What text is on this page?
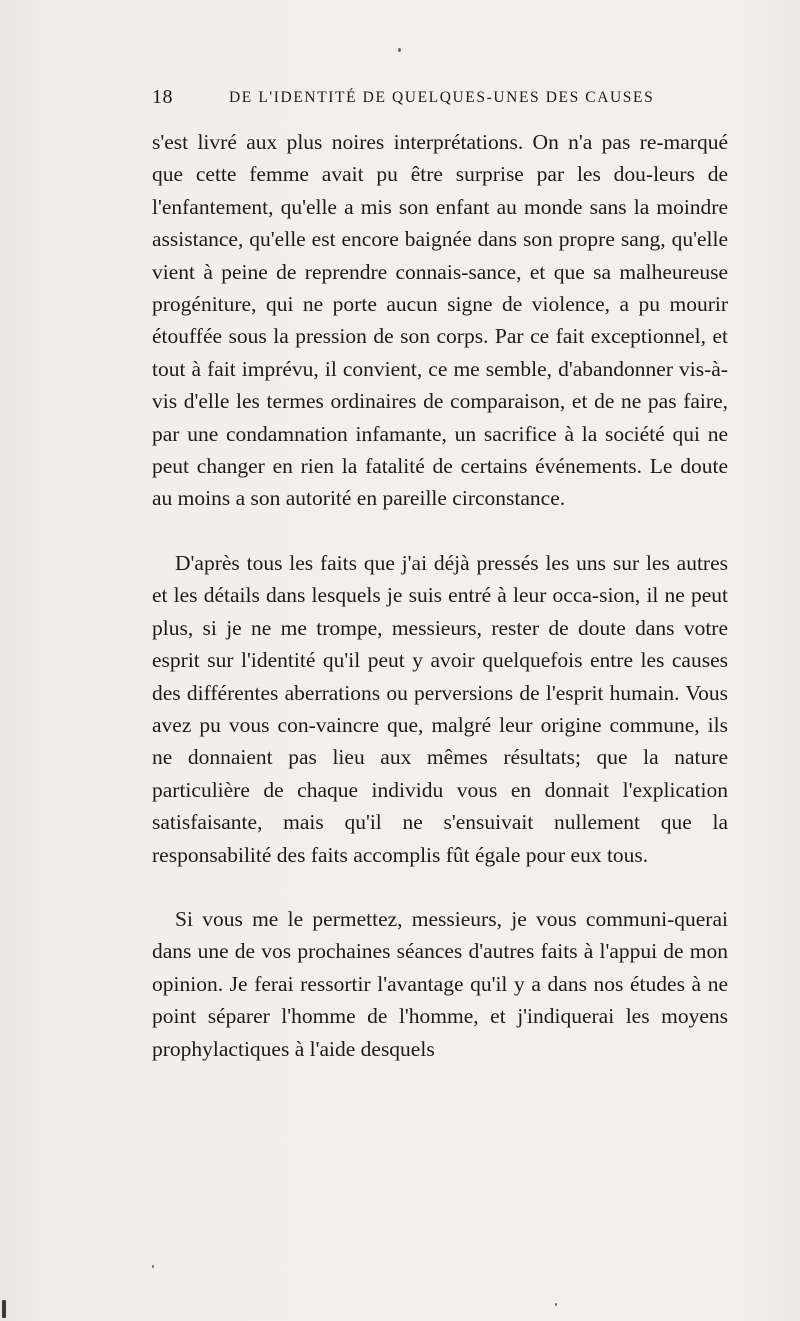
18	DE L'IDENTITÉ DE QUELQUES-UNES DES CAUSES

s'est livré aux plus noires interprétations. On n'a pas re-marqué que cette femme avait pu être surprise par les dou-leurs de l'enfantement, qu'elle a mis son enfant au monde sans la moindre assistance, qu'elle est encore baignée dans son propre sang, qu'elle vient à peine de reprendre connais-sance, et que sa malheureuse progéniture, qui ne porte aucun signe de violence, a pu mourir étouffée sous la pression de son corps. Par ce fait exceptionnel, et tout à fait imprévu, il convient, ce me semble, d'abandonner vis-à-vis d'elle les termes ordinaires de comparaison, et de ne pas faire, par une condamnation infamante, un sacrifice à la société qui ne peut changer en rien la fatalité de certains événements. Le doute au moins a son autorité en pareille circonstance.

D'après tous les faits que j'ai déjà pressés les uns sur les autres et les détails dans lesquels je suis entré à leur occa-sion, il ne peut plus, si je ne me trompe, messieurs, rester de doute dans votre esprit sur l'identité qu'il peut y avoir quelquefois entre les causes des différentes aberrations ou perversions de l'esprit humain. Vous avez pu vous con-vaincre que, malgré leur origine commune, ils ne donnaient pas lieu aux mêmes résultats; que la nature particulière de chaque individu vous en donnait l'explication satisfaisante, mais qu'il ne s'ensuivait nullement que la responsabilité des faits accomplis fût égale pour eux tous.

Si vous me le permettez, messieurs, je vous communi-querai dans une de vos prochaines séances d'autres faits à l'appui de mon opinion. Je ferai ressortir l'avantage qu'il y a dans nos études à ne point séparer l'homme de l'homme, et j'indiquerai les moyens prophylactiques à l'aide desquels
